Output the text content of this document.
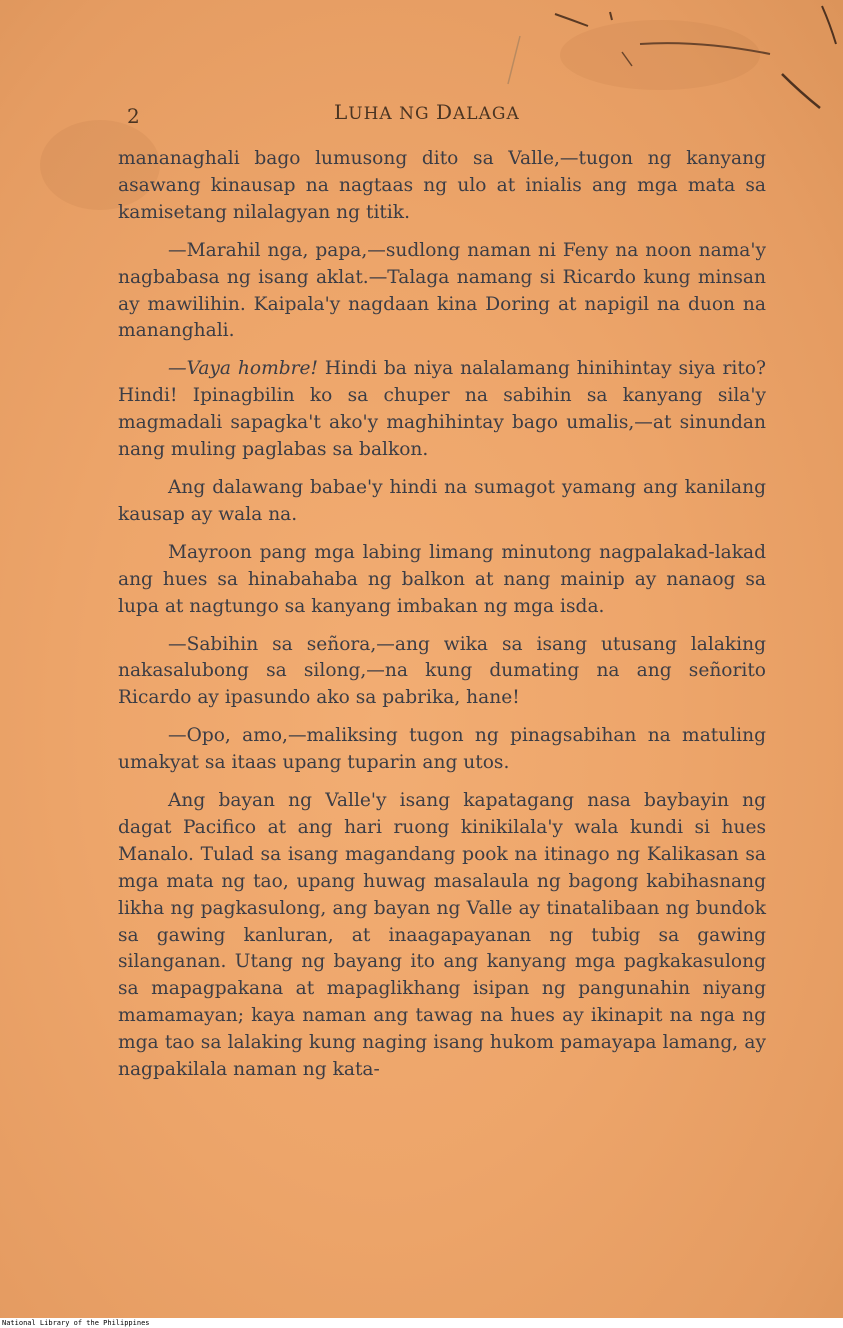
2	LUHA NG DALAGA

mananaghali bago lumusong dito sa Valle,—tugon ng kanyang asawang kinausap na nagtaas ng ulo at inialis ang mga mata sa kamisetang nilalagyan ng titik.

—Marahil nga, papa,—sudlong naman ni Feny na noon nama'y nagbabasa ng isang aklat.—Talaga namang si Ricardo kung minsan ay mawilihin. Kaipala'y nagdaan kina Doring at napigil na duon na mananghali.

—Vaya hombre! Hindi ba niya nalalamang hinihintay siya rito? Hindi! Ipinagbilin ko sa chuper na sabihin sa kanyang sila'y magmadali sapagka't ako'y maghihintay bago umalis,—at sinundan nang muling paglabas sa balkon.

Ang dalawang babae'y hindi na sumagot yamang ang kanilang kausap ay wala na.

Mayroon pang mga labing limang minutong nagpalakad-lakad ang hues sa hinabahaba ng balkon at nang mainip ay nanaog sa lupa at nagtungo sa kanyang imbakan ng mga isda.

—Sabihin sa señora,—ang wika sa isang utusang lalaking nakasalubong sa silong,—na kung dumating na ang señorito Ricardo ay ipasundo ako sa pabrika, hane!

—Opo, amo,—maliksing tugon ng pinagsabihan na matuling umakyat sa itaas upang tuparin ang utos.

Ang bayan ng Valle'y isang kapatagang nasa baybayin ng dagat Pacifico at ang hari ruong kinikilala'y wala kundi si hues Manalo. Tulad sa isang magandang pook na itinago ng Kalikasan sa mga mata ng tao, upang huwag masalaula ng bagong kabihasnang likha ng pagkasulong, ang bayan ng Valle ay tinatalibaan ng bundok sa gawing kanluran, at inaagapayanan ng tubig sa gawing silanganan. Utang ng bayang ito ang kanyang mga pagkakasulong sa mapagpakana at mapaglikhang isipan ng pangunahin niyang mamamayan; kaya naman ang tawag na hues ay ikinapit na nga ng mga tao sa lalaking kung naging isang hukom pamayapa lamang, ay nagpakilala naman ng kata-

National Library of the Philippines
